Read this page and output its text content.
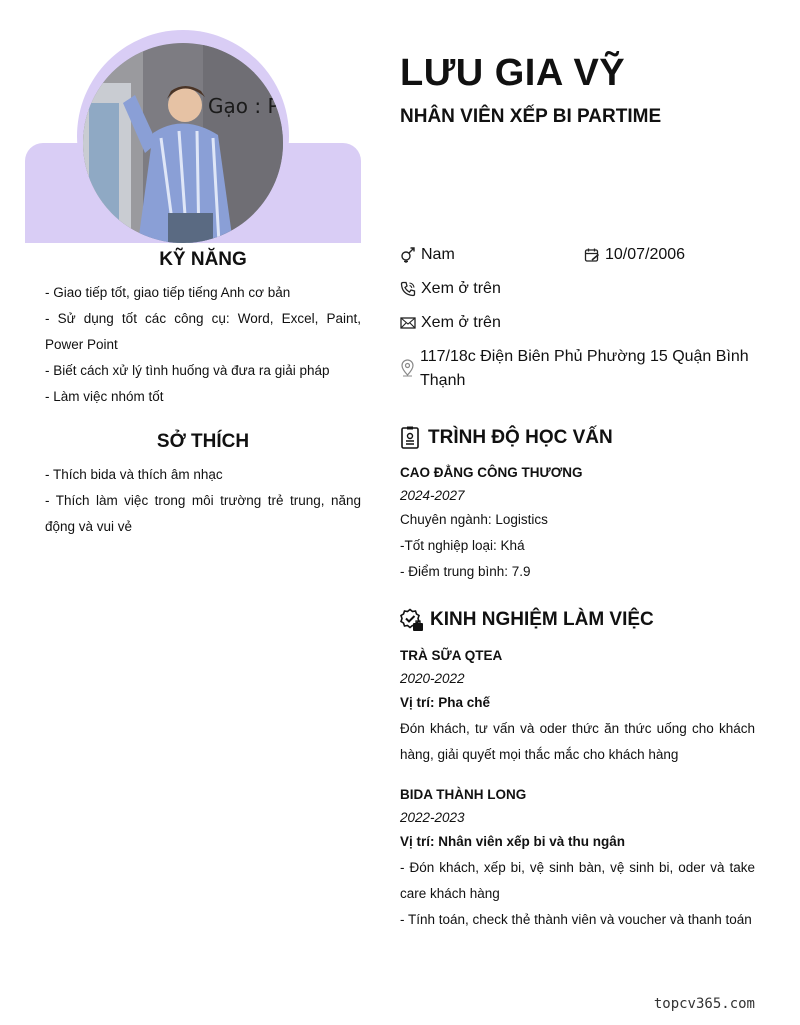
Gạo : P
LƯU GIA VỸ
NHÂN VIÊN XẾP BI PARTIME
KỸ NĂNG
- Giao tiếp tốt, giao tiếp tiếng Anh cơ bản
- Sử dụng tốt các công cụ: Word, Excel, Paint, Power Point
- Biết cách xử lý tình huống và đưa ra giải pháp
- Làm việc nhóm tốt
SỞ THÍCH
- Thích bida và thích âm nhạc
- Thích làm việc trong môi trường trẻ trung, năng động và vui vẻ
Nam	10/07/2006
Xem ở trên
Xem ở trên
117/18c Điện Biên Phủ Phường 15 Quận Bình Thạnh
TRÌNH ĐỘ HỌC VẤN
CAO ĐẲNG CÔNG THƯƠNG
2024-2027
Chuyên ngành: Logistics
-Tốt nghiệp loại: Khá
- Điểm trung bình: 7.9
KINH NGHIỆM LÀM VIỆC
TRÀ SỮA QTEA
2020-2022
Vị trí: Pha chế
Đón khách, tư vấn và oder thức ăn thức uống cho khách hàng, giải quyết mọi thắc mắc cho khách hàng
BIDA THÀNH LONG
2022-2023
Vị trí: Nhân viên xếp bi và thu ngân
- Đón khách, xếp bi, vệ sinh bàn, vệ sinh bi, oder và take care khách hàng
- Tính toán, check thẻ thành viên và voucher và thanh toán
topcv365.com
